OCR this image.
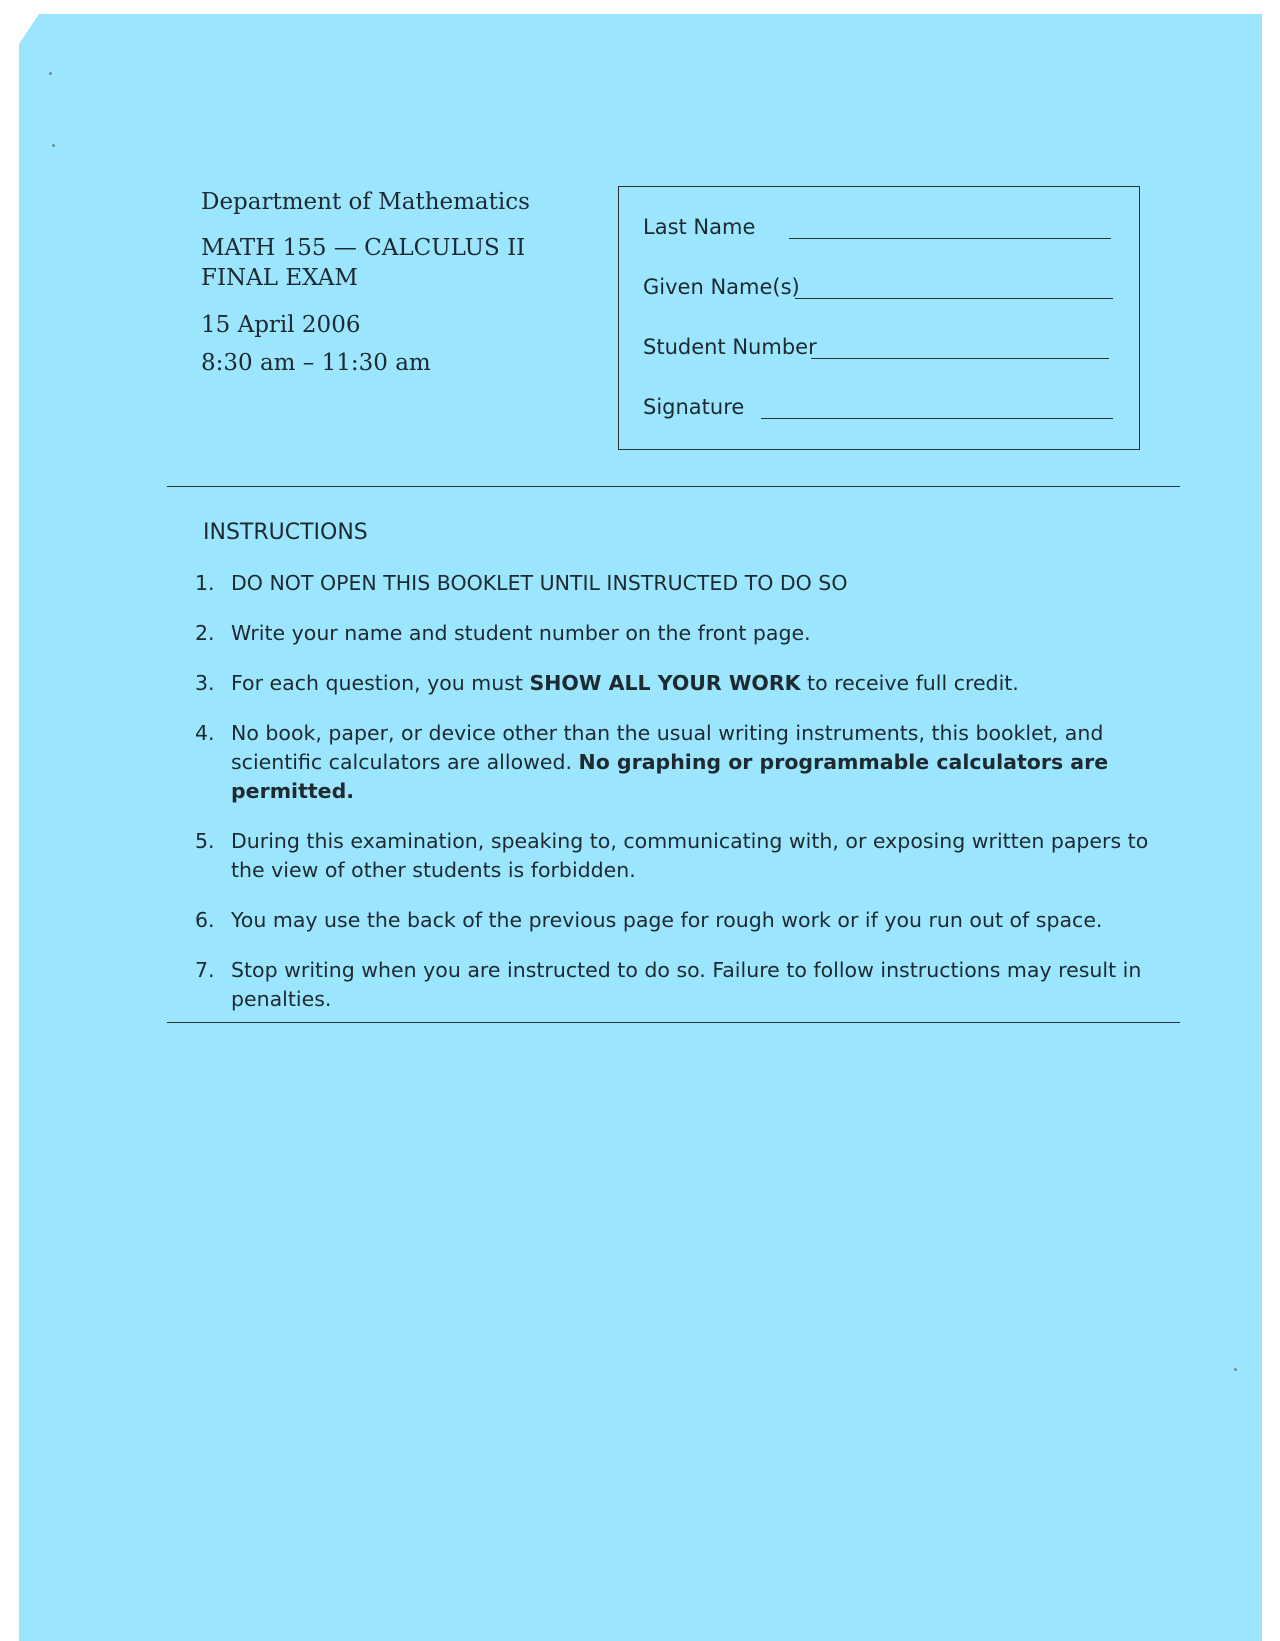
Department of Mathematics
MATH 155 — CALCULUS II
FINAL EXAM
15 April 2006
8:30 am – 11:30 am
Last Name
Given Name(s)
Student Number
Signature
INSTRUCTIONS
1. DO NOT OPEN THIS BOOKLET UNTIL INSTRUCTED TO DO SO
2. Write your name and student number on the front page.
3. For each question, you must SHOW ALL YOUR WORK to receive full credit.
4. No book, paper, or device other than the usual writing instruments, this booklet, and scientific calculators are allowed. No graphing or programmable calculators are permitted.
5. During this examination, speaking to, communicating with, or exposing written papers to the view of other students is forbidden.
6. You may use the back of the previous page for rough work or if you run out of space.
7. Stop writing when you are instructed to do so. Failure to follow instructions may result in penalties.
